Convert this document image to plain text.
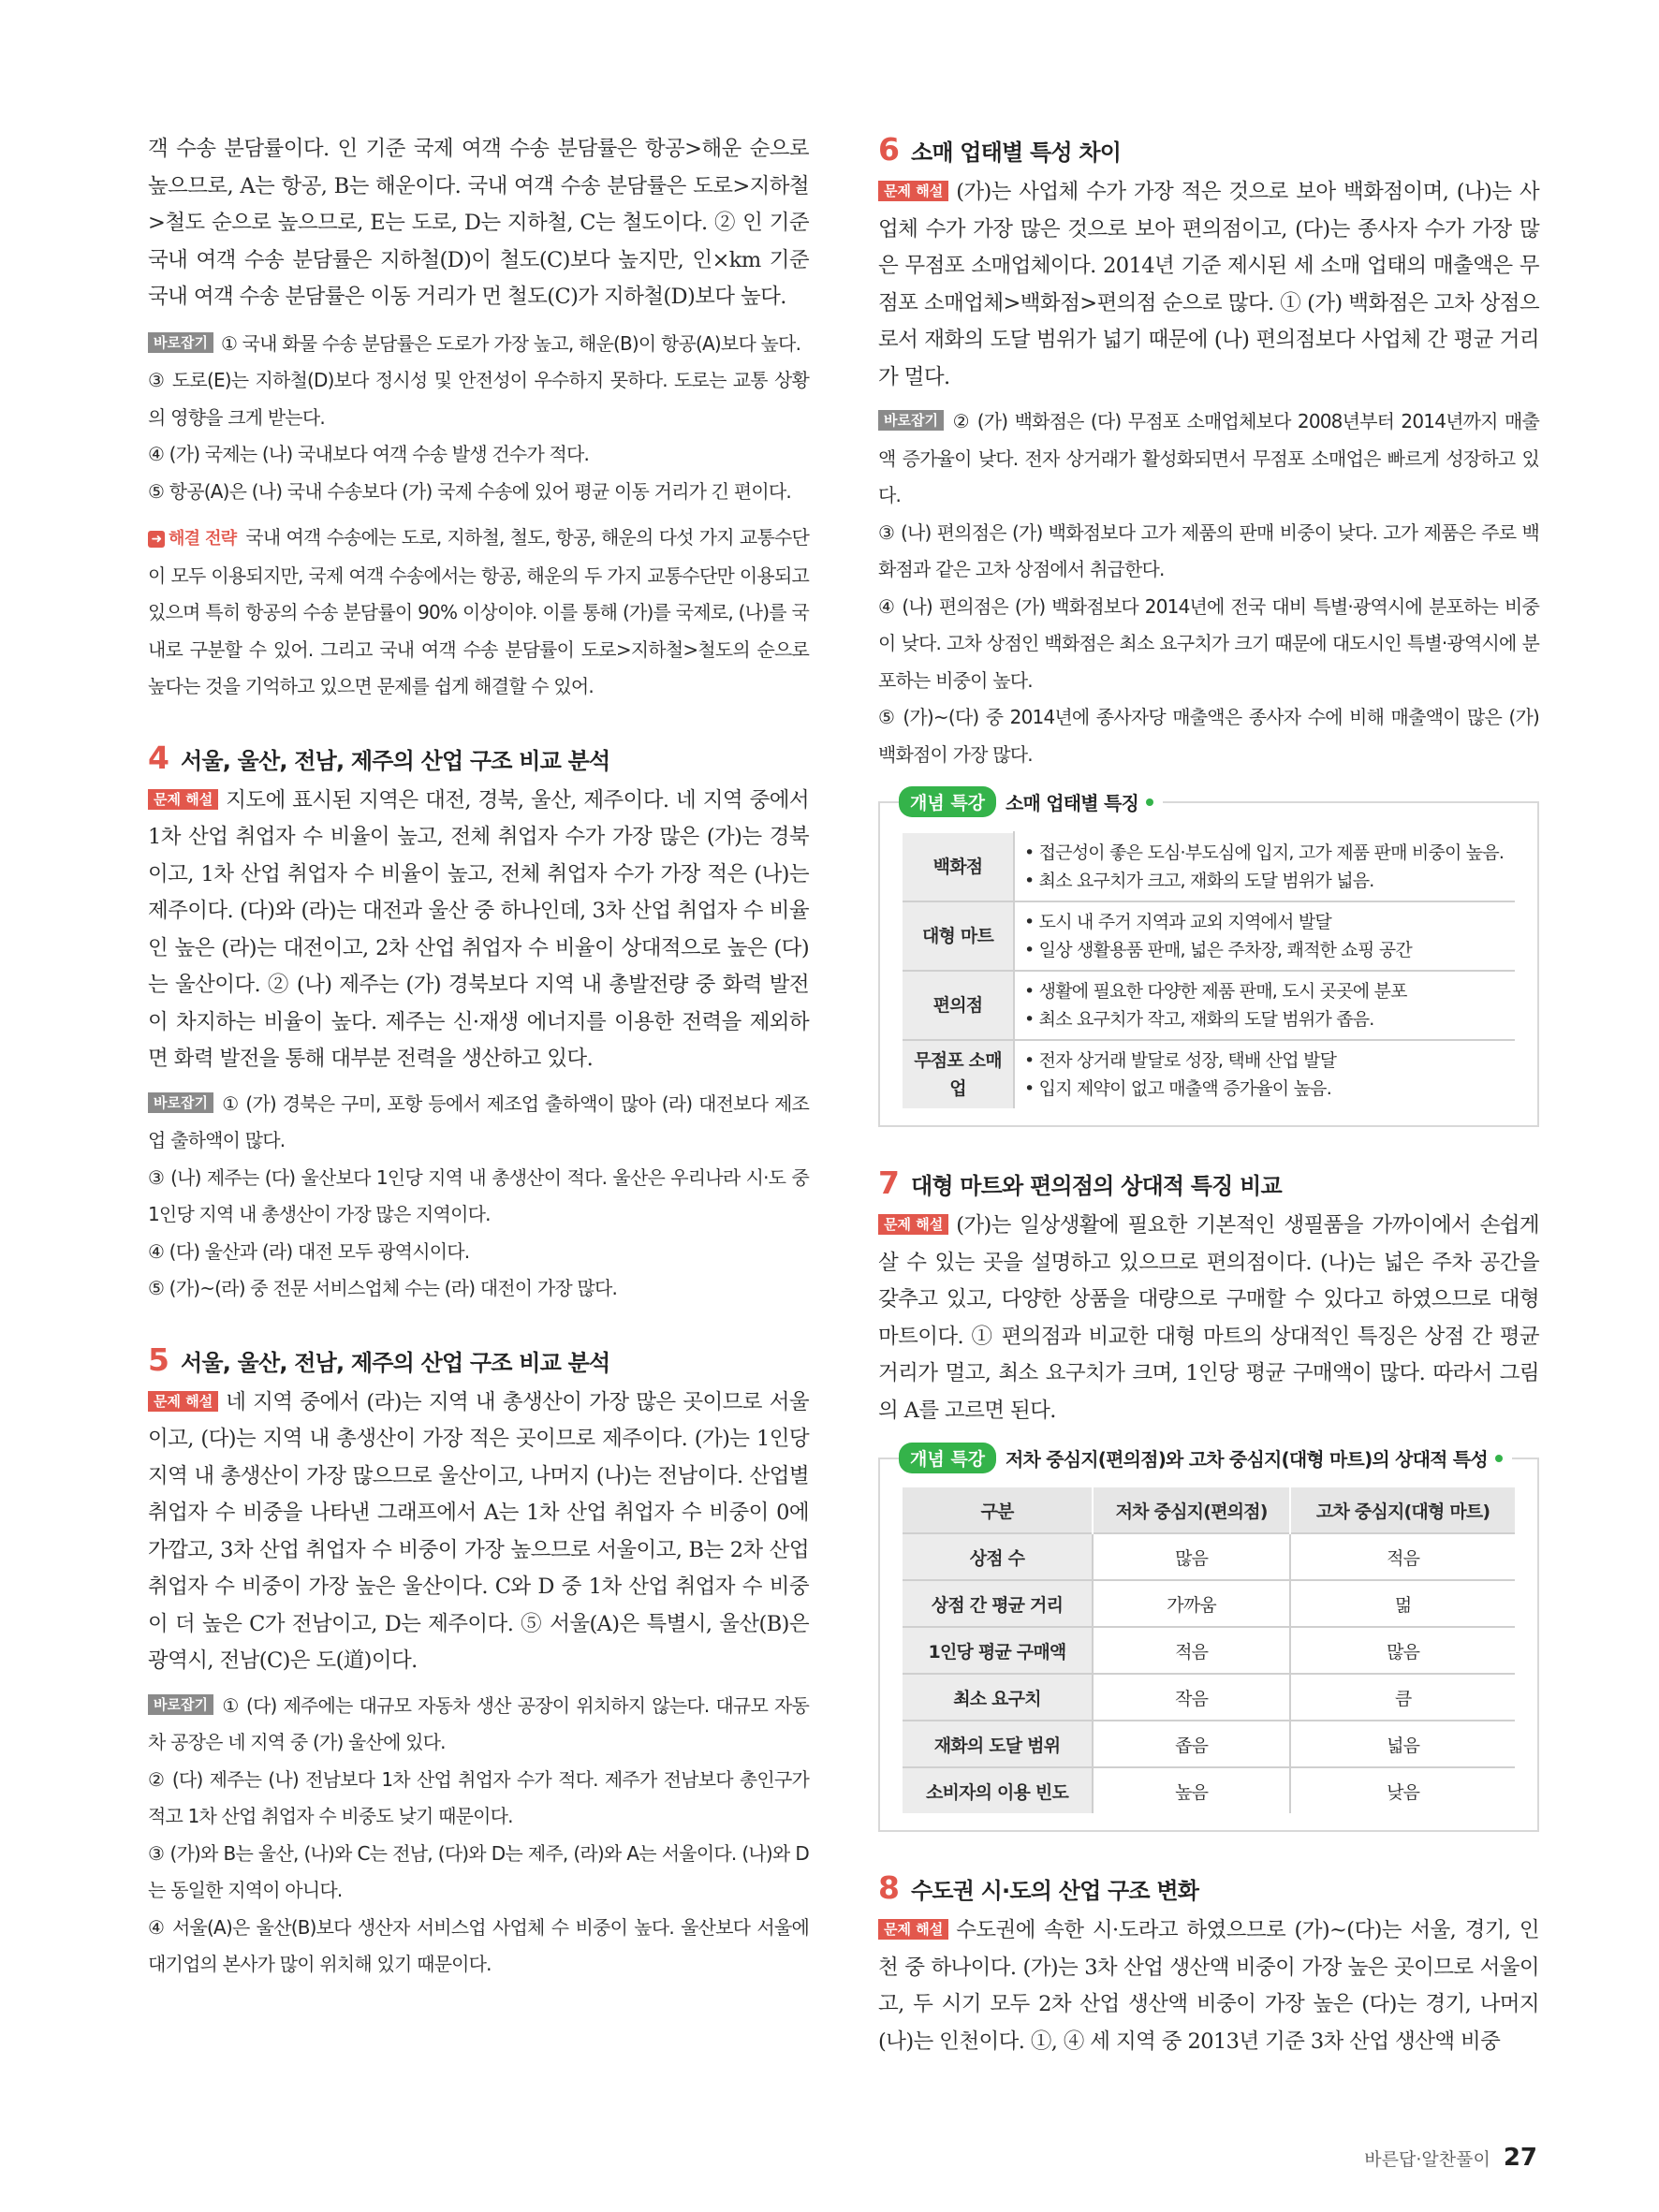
객 수송 분담률이다. 인 기준 국제 여객 수송 분담률은 항공>해운 순으로 높으므로, A는 항공, B는 해운이다. 국내 여객 수송 분담률은 도로>지하철>철도 순으로 높으므로, E는 도로, D는 지하철, C는 철도이다. ② 인 기준 국내 여객 수송 분담률은 지하철(D)이 철도(C)보다 높지만, 인×km 기준 국내 여객 수송 분담률은 이동 거리가 먼 철도(C)가 지하철(D)보다 높다.

바로잡기 ① 국내 화물 수송 분담률은 도로가 가장 높고, 해운(B)이 항공(A)보다 높다.
③ 도로(E)는 지하철(D)보다 정시성 및 안전성이 우수하지 못하다. 도로는 교통 상황의 영향을 크게 받는다.
④ (가) 국제는 (나) 국내보다 여객 수송 발생 건수가 적다.
⑤ 항공(A)은 (나) 국내 수송보다 (가) 국제 수송에 있어 평균 이동 거리가 긴 편이다.

➜ 해결 전략 국내 여객 수송에는 도로, 지하철, 철도, 항공, 해운의 다섯 가지 교통수단이 모두 이용되지만, 국제 여객 수송에서는 항공, 해운의 두 가지 교통수단만 이용되고 있으며 특히 항공의 수송 분담률이 90% 이상이야. 이를 통해 (가)를 국제로, (나)를 국내로 구분할 수 있어. 그리고 국내 여객 수송 분담률이 도로>지하철>철도의 순으로 높다는 것을 기억하고 있으면 문제를 쉽게 해결할 수 있어.

4 서울, 울산, 전남, 제주의 산업 구조 비교 분석

문제 해설 지도에 표시된 지역은 대전, 경북, 울산, 제주이다. 네 지역 중에서 1차 산업 취업자 수 비율이 높고, 전체 취업자 수가 가장 많은 (가)는 경북이고, 1차 산업 취업자 수 비율이 높고, 전체 취업자 수가 가장 적은 (나)는 제주이다. (다)와 (라)는 대전과 울산 중 하나인데, 3차 산업 취업자 수 비율인 높은 (라)는 대전이고, 2차 산업 취업자 수 비율이 상대적으로 높은 (다)는 울산이다. ② (나) 제주는 (가) 경북보다 지역 내 총발전량 중 화력 발전이 차지하는 비율이 높다. 제주는 신·재생 에너지를 이용한 전력을 제외하면 화력 발전을 통해 대부분 전력을 생산하고 있다.

바로잡기 ① (가) 경북은 구미, 포항 등에서 제조업 출하액이 많아 (라) 대전보다 제조업 출하액이 많다.
③ (나) 제주는 (다) 울산보다 1인당 지역 내 총생산이 적다. 울산은 우리나라 시·도 중 1인당 지역 내 총생산이 가장 많은 지역이다.
④ (다) 울산과 (라) 대전 모두 광역시이다.
⑤ (가)~(라) 중 전문 서비스업체 수는 (라) 대전이 가장 많다.

5 서울, 울산, 전남, 제주의 산업 구조 비교 분석

문제 해설 네 지역 중에서 (라)는 지역 내 총생산이 가장 많은 곳이므로 서울이고, (다)는 지역 내 총생산이 가장 적은 곳이므로 제주이다. (가)는 1인당 지역 내 총생산이 가장 많으므로 울산이고, 나머지 (나)는 전남이다. 산업별 취업자 수 비중을 나타낸 그래프에서 A는 1차 산업 취업자 수 비중이 0에 가깝고, 3차 산업 취업자 수 비중이 가장 높으므로 서울이고, B는 2차 산업 취업자 수 비중이 가장 높은 울산이다. C와 D 중 1차 산업 취업자 수 비중이 더 높은 C가 전남이고, D는 제주이다. ⑤ 서울(A)은 특별시, 울산(B)은 광역시, 전남(C)은 도(道)이다.

바로잡기 ① (다) 제주에는 대규모 자동차 생산 공장이 위치하지 않는다. 대규모 자동차 공장은 네 지역 중 (가) 울산에 있다.
② (다) 제주는 (나) 전남보다 1차 산업 취업자 수가 적다. 제주가 전남보다 총인구가 적고 1차 산업 취업자 수 비중도 낮기 때문이다.
③ (가)와 B는 울산, (나)와 C는 전남, (다)와 D는 제주, (라)와 A는 서울이다. (나)와 D는 동일한 지역이 아니다.
④ 서울(A)은 울산(B)보다 생산자 서비스업 사업체 수 비중이 높다. 울산보다 서울에 대기업의 본사가 많이 위치해 있기 때문이다.

6 소매 업태별 특성 차이

문제 해설 (가)는 사업체 수가 가장 적은 것으로 보아 백화점이며, (나)는 사업체 수가 가장 많은 것으로 보아 편의점이고, (다)는 종사자 수가 가장 많은 무점포 소매업체이다. 2014년 기준 제시된 세 소매 업태의 매출액은 무점포 소매업체>백화점>편의점 순으로 많다. ① (가) 백화점은 고차 상점으로서 재화의 도달 범위가 넓기 때문에 (나) 편의점보다 사업체 간 평균 거리가 멀다.

바로잡기 ② (가) 백화점은 (다) 무점포 소매업체보다 2008년부터 2014년까지 매출액 증가율이 낮다. 전자 상거래가 활성화되면서 무점포 소매업은 빠르게 성장하고 있다.
③ (나) 편의점은 (가) 백화점보다 고가 제품의 판매 비중이 낮다. 고가 제품은 주로 백화점과 같은 고차 상점에서 취급한다.
④ (나) 편의점은 (가) 백화점보다 2014년에 전국 대비 특별·광역시에 분포하는 비중이 낮다. 고차 상점인 백화점은 최소 요구치가 크기 때문에 대도시인 특별·광역시에 분포하는 비중이 높다.
⑤ (가)~(다) 중 2014년에 종사자당 매출액은 종사자 수에 비해 매출액이 많은 (가) 백화점이 가장 많다.

개념 특강	소매 업태별 특징
백화점	• 접근성이 좋은 도심·부도심에 입지, 고가 제품 판매 비중이 높음.
• 최소 요구치가 크고, 재화의 도달 범위가 넓음.
대형 마트	• 도시 내 주거 지역과 교외 지역에서 발달
• 일상 생활용품 판매, 넓은 주차장, 쾌적한 쇼핑 공간
편의점	• 생활에 필요한 다양한 제품 판매, 도시 곳곳에 분포
• 최소 요구치가 작고, 재화의 도달 범위가 좁음.
무점포 소매업	• 전자 상거래 발달로 성장, 택배 산업 발달
• 입지 제약이 없고 매출액 증가율이 높음.
7 대형 마트와 편의점의 상대적 특징 비교

문제 해설 (가)는 일상생활에 필요한 기본적인 생필품을 가까이에서 손쉽게 살 수 있는 곳을 설명하고 있으므로 편의점이다. (나)는 넓은 주차 공간을 갖추고 있고, 다양한 상품을 대량으로 구매할 수 있다고 하였으므로 대형 마트이다. ① 편의점과 비교한 대형 마트의 상대적인 특징은 상점 간 평균 거리가 멀고, 최소 요구치가 크며, 1인당 평균 구매액이 많다. 따라서 그림의 A를 고르면 된다.

개념 특강	저차 중심지(편의점)와 고차 중심지(대형 마트)의 상대적 특성
구분	저차 중심지(편의점)	고차 중심지(대형 마트)
상점 수	많음	적음
상점 간 평균 거리	가까움	멂
1인당 평균 구매액	적음	많음
최소 요구치	작음	큼
재화의 도달 범위	좁음	넓음
소비자의 이용 빈도	높음	낮음
8 수도권 시·도의 산업 구조 변화

문제 해설 수도권에 속한 시·도라고 하였으므로 (가)~(다)는 서울, 경기, 인천 중 하나이다. (가)는 3차 산업 생산액 비중이 가장 높은 곳이므로 서울이고, 두 시기 모두 2차 산업 생산액 비중이 가장 높은 (다)는 경기, 나머지 (나)는 인천이다. ①, ④ 세 지역 중 2013년 기준 3차 산업 생산액 비중

바른답·알찬풀이 27
